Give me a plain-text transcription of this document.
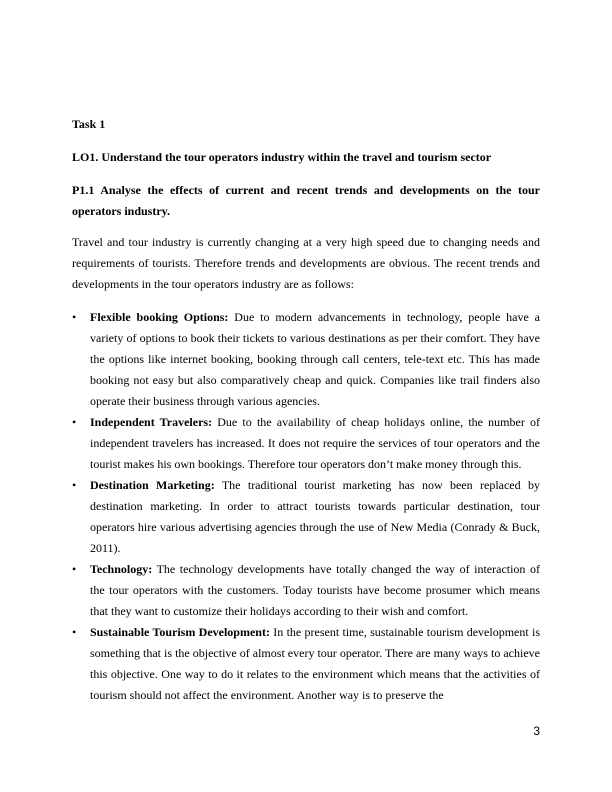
Task 1

LO1. Understand the tour operators industry within the travel and tourism sector

P1.1 Analyse the effects of current and recent trends and developments on the tour operators industry.

Travel and tour industry is currently changing at a very high speed due to changing needs and requirements of tourists. Therefore trends and developments are obvious. The recent trends and developments in the tour operators industry are as follows:

• Flexible booking Options: Due to modern advancements in technology, people have a variety of options to book their tickets to various destinations as per their comfort. They have the options like internet booking, booking through call centers, tele-text etc. This has made booking not easy but also comparatively cheap and quick. Companies like trail finders also operate their business through various agencies.
• Independent Travelers: Due to the availability of cheap holidays online, the number of independent travelers has increased. It does not require the services of tour operators and the tourist makes his own bookings. Therefore tour operators don’t make money through this.
• Destination Marketing: The traditional tourist marketing has now been replaced by destination marketing. In order to attract tourists towards particular destination, tour operators hire various advertising agencies through the use of New Media (Conrady & Buck, 2011).
• Technology: The technology developments have totally changed the way of interaction of the tour operators with the customers. Today tourists have become prosumer which means that they want to customize their holidays according to their wish and comfort.
• Sustainable Tourism Development: In the present time, sustainable tourism development is something that is the objective of almost every tour operator. There are many ways to achieve this objective. One way to do it relates to the environment which means that the activities of tourism should not affect the environment. Another way is to preserve the
3
